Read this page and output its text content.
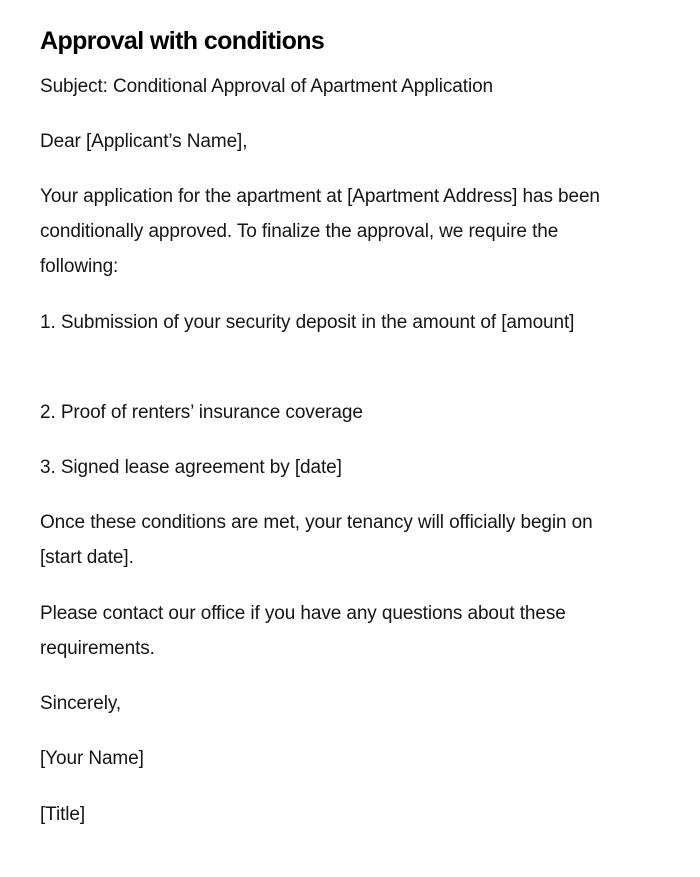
Approval with conditions

Subject: Conditional Approval of Apartment Application

Dear [Applicant’s Name],

Your application for the apartment at [Apartment Address] has been conditionally approved. To finalize the approval, we require the following:

1. Submission of your security deposit in the amount of [amount]

2. Proof of renters’ insurance coverage

3. Signed lease agreement by [date]

Once these conditions are met, your tenancy will officially begin on [start date].

Please contact our office if you have any questions about these requirements.

Sincerely,

[Your Name]

[Title]
